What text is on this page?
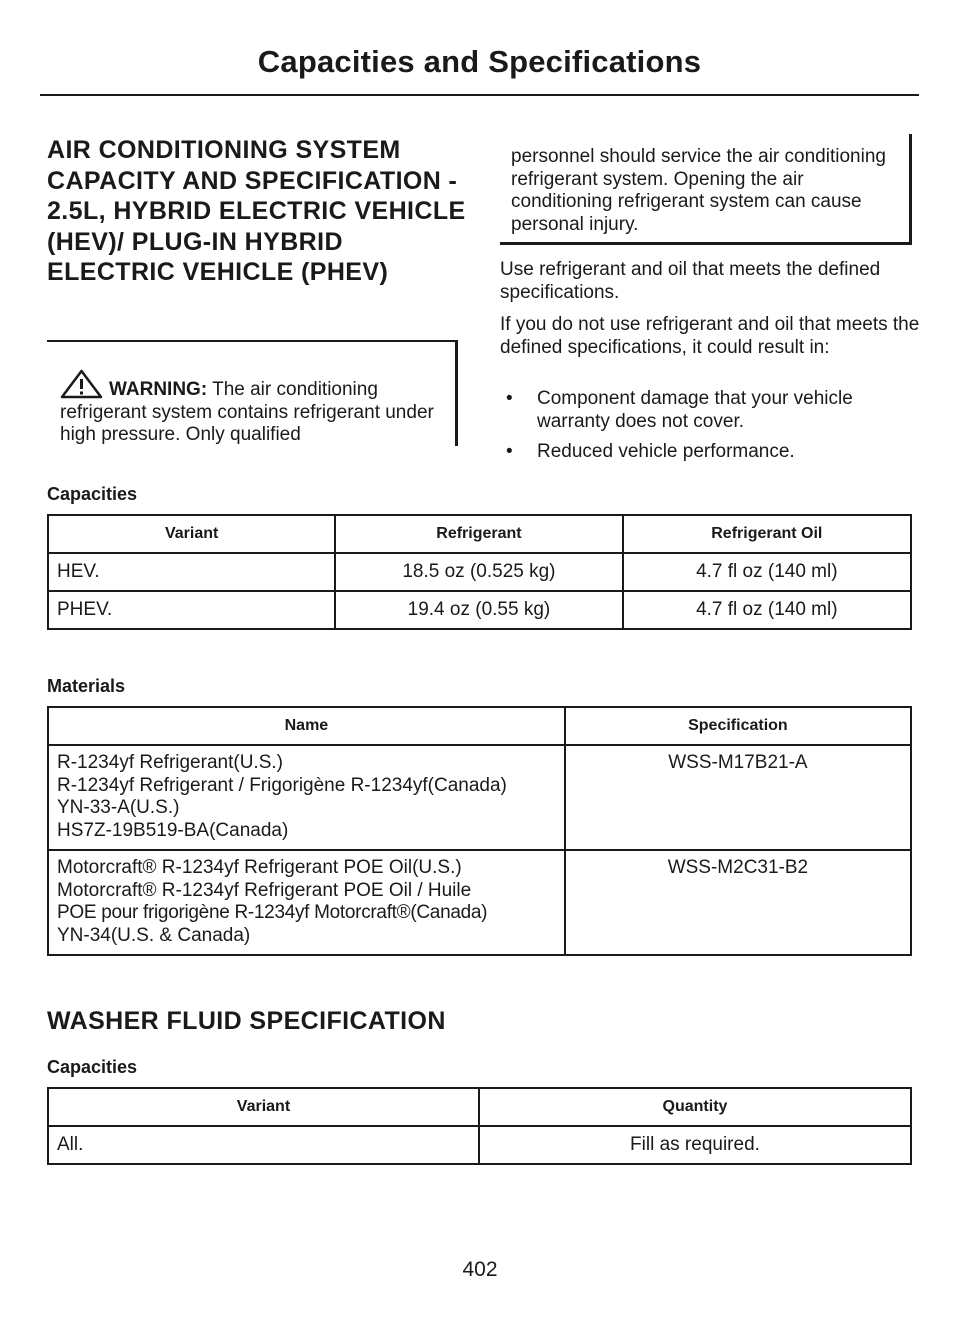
Capacities and Specifications
AIR CONDITIONING SYSTEM CAPACITY AND SPECIFICATION - 2.5L, HYBRID ELECTRIC VEHICLE (HEV)/ PLUG-IN HYBRID ELECTRIC VEHICLE (PHEV)
WARNING: The air conditioning refrigerant system contains refrigerant under high pressure. Only qualified
personnel should service the air conditioning refrigerant system. Opening the air conditioning refrigerant system can cause personal injury.

Use refrigerant and oil that meets the defined specifications.

If you do not use refrigerant and oil that meets the defined specifications, it could result in:

• Component damage that your vehicle warranty does not cover.
• Reduced vehicle performance.
Capacities
Variant	Refrigerant	Refrigerant Oil
HEV.	18.5 oz (0.525 kg)	4.7 fl oz (140 ml)
PHEV.	19.4 oz (0.55 kg)	4.7 fl oz (140 ml)
Materials
Name	Specification

R-1234yf Refrigerant(U.S.)
R-1234yf Refrigerant / Frigorigène R-1234yf(Canada)
YN-33-A(U.S.)
HS7Z-19B519-BA(Canada)	WSS-M17B21-A

Motorcraft® R-1234yf Refrigerant POE Oil(U.S.)
Motorcraft® R-1234yf Refrigerant POE Oil / Huile
POE pour frigorigène R-1234yf Motorcraft®(Canada)
YN-34(U.S. & Canada)	WSS-M2C31-B2
WASHER FLUID SPECIFICATION
Capacities
Variant	Quantity
All.	Fill as required.
402
